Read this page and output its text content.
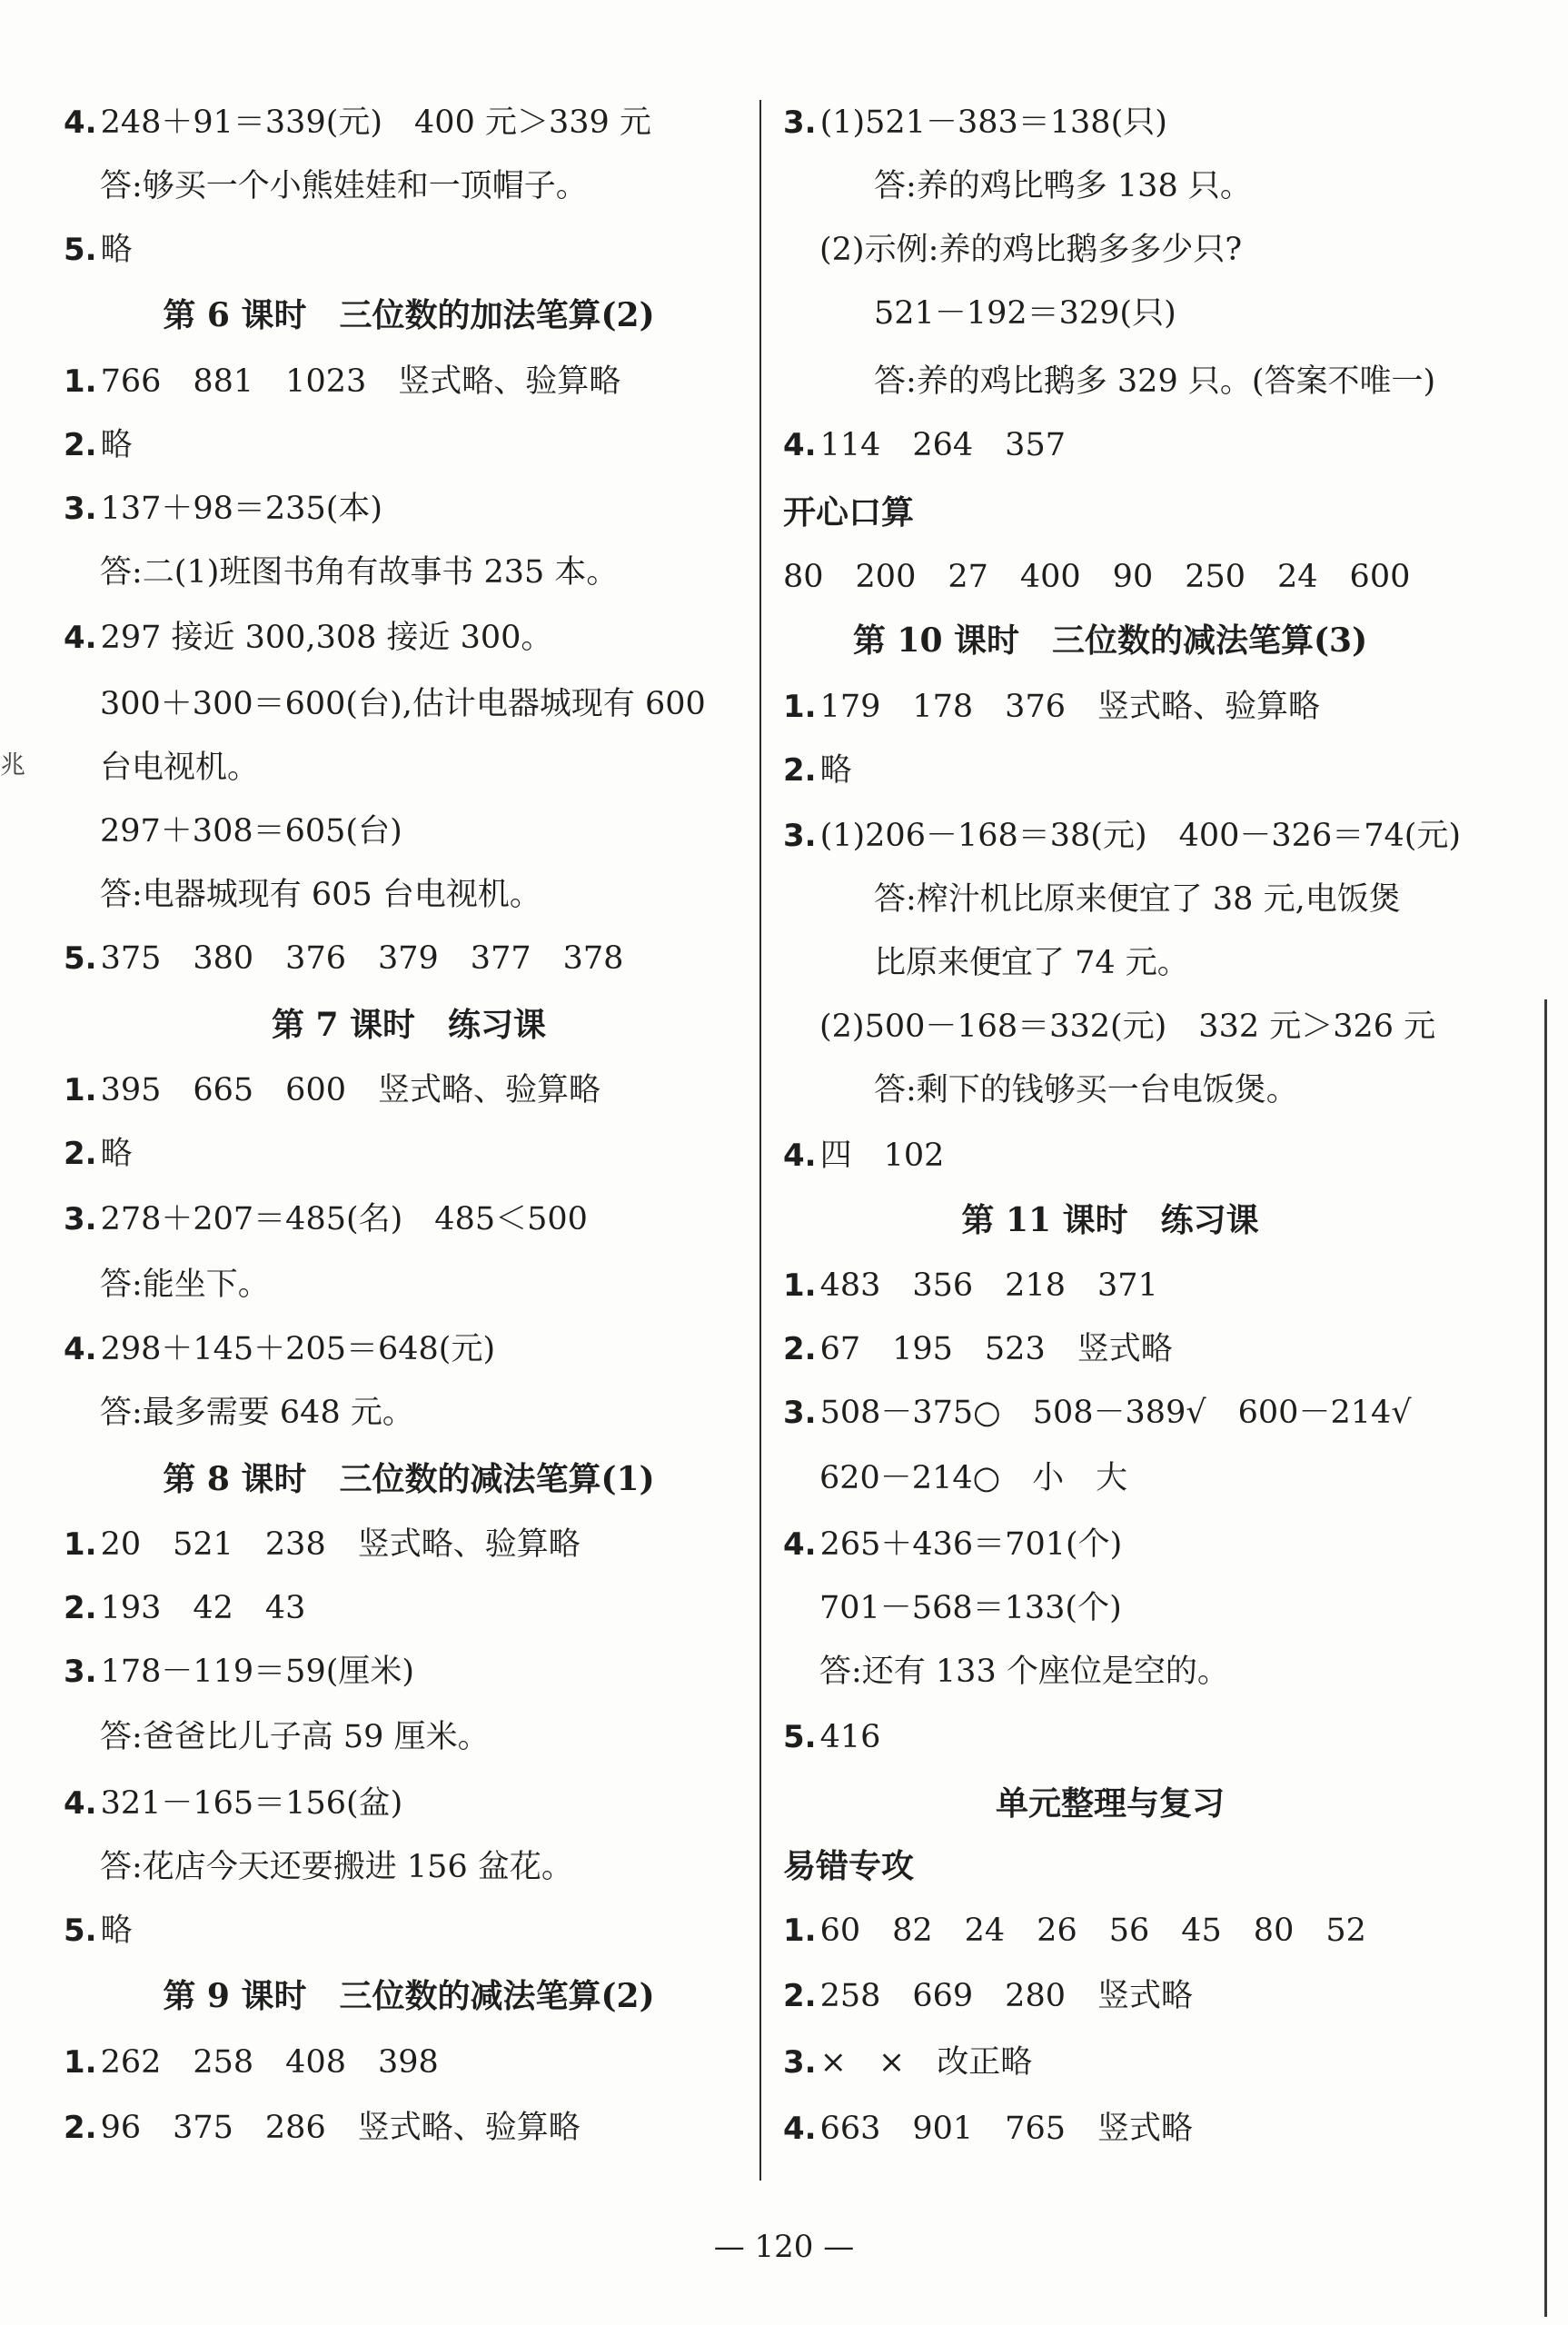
兆
4. 248＋91＝339(元)　400 元＞339 元
答:够买一个小熊娃娃和一顶帽子。
5. 略
第 6 课时　三位数的加法笔算(2)
1. 766　881　1023　竖式略、验算略
2. 略
3. 137＋98＝235(本)
答:二(1)班图书角有故事书 235 本。
4. 297 接近 300,308 接近 300。
300＋300＝600(台),估计电器城现有 600
台电视机。
297＋308＝605(台)
答:电器城现有 605 台电视机。
5. 375　380　376　379　377　378
第 7 课时　练习课
1. 395　665　600　竖式略、验算略
2. 略
3. 278＋207＝485(名)　485＜500
答:能坐下。
4. 298＋145＋205＝648(元)
答:最多需要 648 元。
第 8 课时　三位数的减法笔算(1)
1. 20　521　238　竖式略、验算略
2. 193　42　43
3. 178－119＝59(厘米)
答:爸爸比儿子高 59 厘米。
4. 321－165＝156(盆)
答:花店今天还要搬进 156 盆花。
5. 略
第 9 课时　三位数的减法笔算(2)
1. 262　258　408　398
2. 96　375　286　竖式略、验算略
3. (1)521－383＝138(只)
答:养的鸡比鸭多 138 只。
(2)示例:养的鸡比鹅多多少只?
521－192＝329(只)
答:养的鸡比鹅多 329 只。(答案不唯一)
4. 114　264　357
开心口算
80　200　27　400　90　250　24　600
第 10 课时　三位数的减法笔算(3)
1. 179　178　376　竖式略、验算略
2. 略
3. (1)206－168＝38(元)　400－326＝74(元)
答:榨汁机比原来便宜了 38 元,电饭煲
比原来便宜了 74 元。
(2)500－168＝332(元)　332 元＞326 元
答:剩下的钱够买一台电饭煲。
4. 四　102
第 11 课时　练习课
1. 483　356　218　371
2. 67　195　523　竖式略
3. 508－375○　508－389√　600－214√
620－214○　小　大
4. 265＋436＝701(个)
701－568＝133(个)
答:还有 133 个座位是空的。
5. 416
单元整理与复习
易错专攻
1. 60　82　24　26　56　45　80　52
2. 258　669　280　竖式略
3. ×　×　改正略
4. 663　901　765　竖式略
— 120 —
